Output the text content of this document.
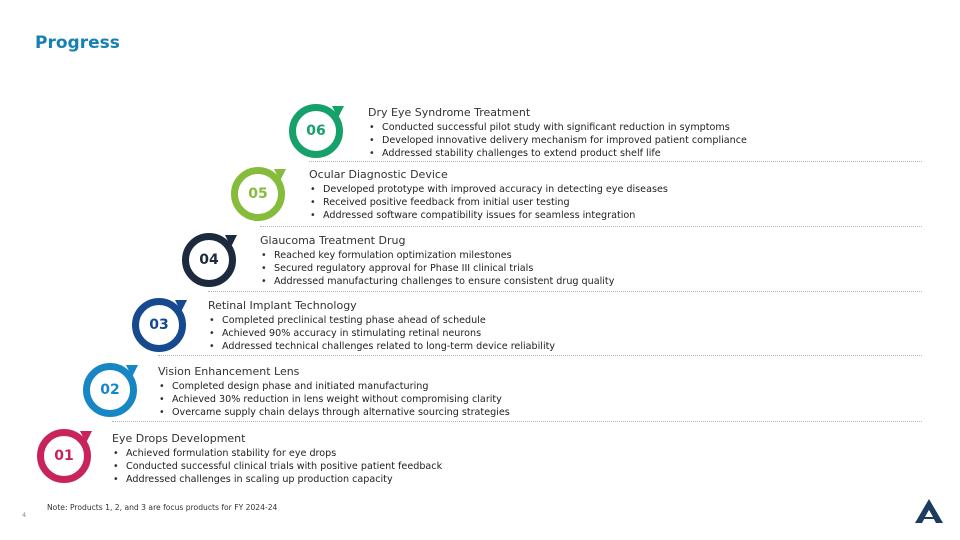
Progress
01
Eye Drops Development
• Achieved formulation stability for eye drops
• Conducted successful clinical trials with positive patient feedback
• Addressed challenges in scaling up production capacity
02
Vision Enhancement Lens
• Completed design phase and initiated manufacturing
• Achieved 30% reduction in lens weight without compromising clarity
• Overcame supply chain delays through alternative sourcing strategies
03
Retinal Implant Technology
• Completed preclinical testing phase ahead of schedule
• Achieved 90% accuracy in stimulating retinal neurons
• Addressed technical challenges related to long-term device reliability
04
Glaucoma Treatment Drug
• Reached key formulation optimization milestones
• Secured regulatory approval for Phase III clinical trials
• Addressed manufacturing challenges to ensure consistent drug quality
05
Ocular Diagnostic Device
• Developed prototype with improved accuracy in detecting eye diseases
• Received positive feedback from initial user testing
• Addressed software compatibility issues for seamless integration
06
Dry Eye Syndrome Treatment
• Conducted successful pilot study with significant reduction in symptoms
• Developed innovative delivery mechanism for improved patient compliance
• Addressed stability challenges to extend product shelf life
Note: Products 1, 2, and 3 are focus products for FY 2024-24
4
